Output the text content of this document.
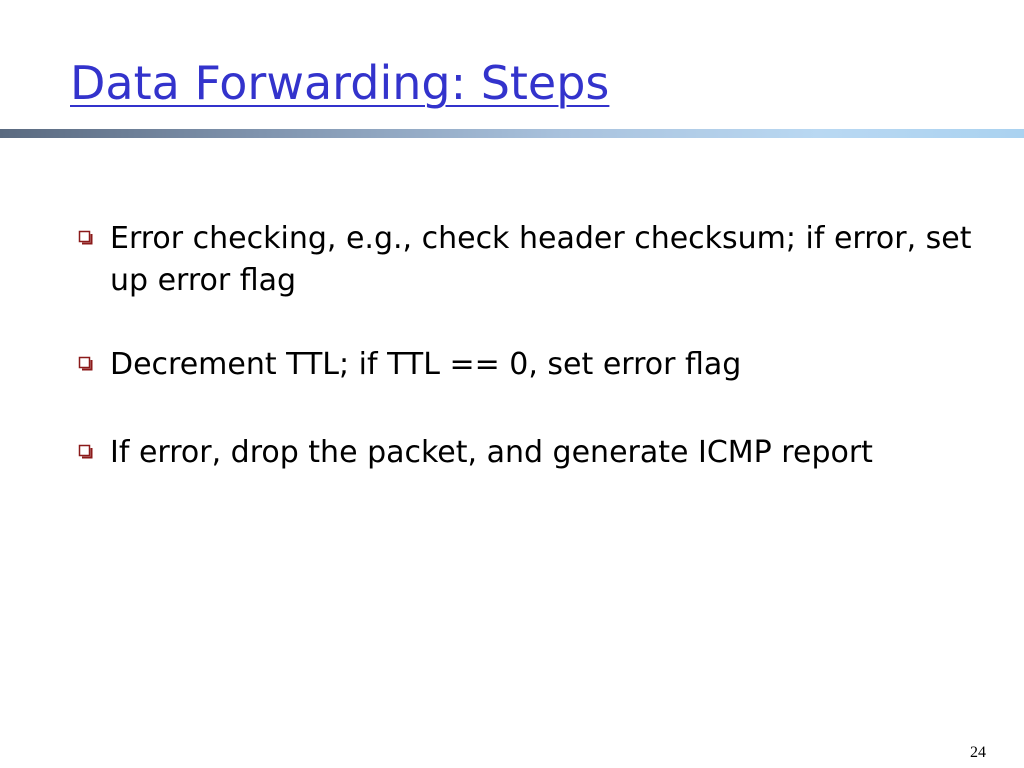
Data Forwarding: Steps
Error checking, e.g., check header checksum; if error, set up error flag
Decrement TTL; if TTL == 0, set error flag
If error, drop the packet, and generate ICMP report
24
